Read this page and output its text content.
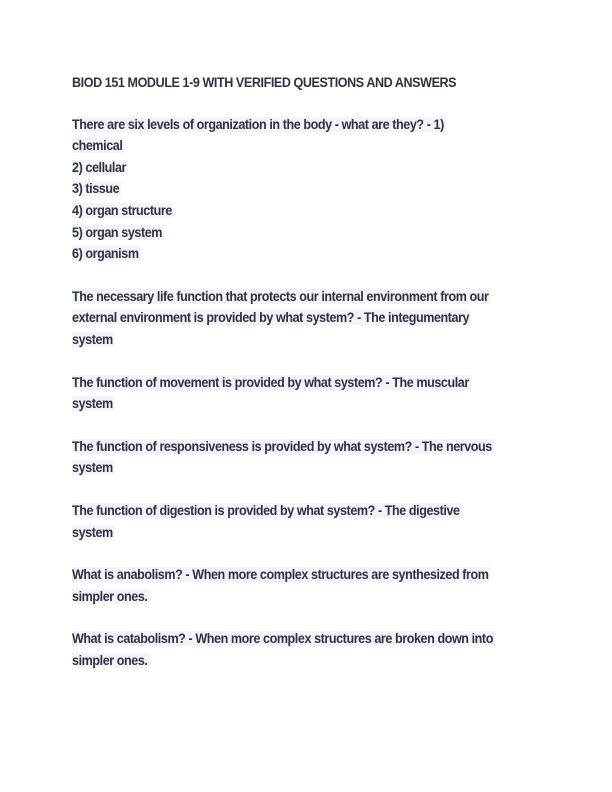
BIOD 151 MODULE 1-9 WITH VERIFIED QUESTIONS AND ANSWERS
There are six levels of organization in the body - what are they? - 1)
chemical
2) cellular
3) tissue
4) organ structure
5) organ system
6) organism
The necessary life function that protects our internal environment from our
external environment is provided by what system? - The integumentary
system
The function of movement is provided by what system? - The muscular
system
The function of responsiveness is provided by what system? - The nervous
system
The function of digestion is provided by what system? - The digestive
system
What is anabolism? - When more complex structures are synthesized from
simpler ones.
What is catabolism? - When more complex structures are broken down into
simpler ones.
